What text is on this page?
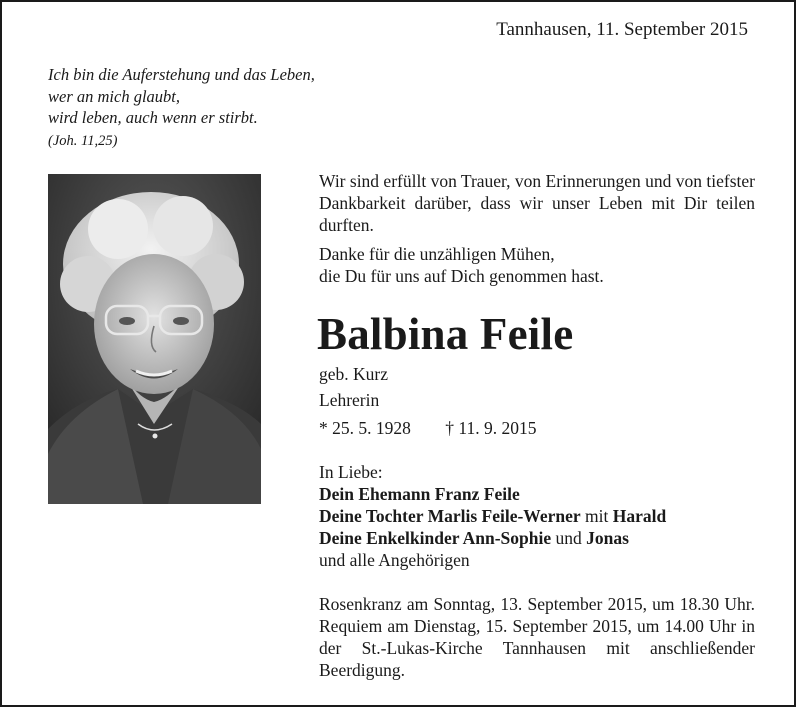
Tannhausen, 11. September 2015
Ich bin die Auferstehung und das Leben,
wer an mich glaubt,
wird leben, auch wenn er stirbt.
(Joh. 11,25)

Wir sind erfüllt von Trauer, von Erinnerungen und von tiefster Dankbarkeit darüber, dass wir unser Leben mit Dir teilen durften.

Danke für die unzähligen Mühen,
die Du für uns auf Dich genommen hast.
Balbina Feile
geb. Kurz
Lehrerin
* 25. 5. 1928 † 11. 9. 2015
In Liebe:
Dein Ehemann Franz Feile
Deine Tochter Marlis Feile-Werner mit Harald
Deine Enkelkinder Ann-Sophie und Jonas
und alle Angehörigen

Rosenkranz am Sonntag, 13. September 2015, um 18.30 Uhr. Requiem am Dienstag, 15. September 2015, um 14.00 Uhr in der St.-Lukas-Kirche Tannhausen mit anschließender Beerdigung.
